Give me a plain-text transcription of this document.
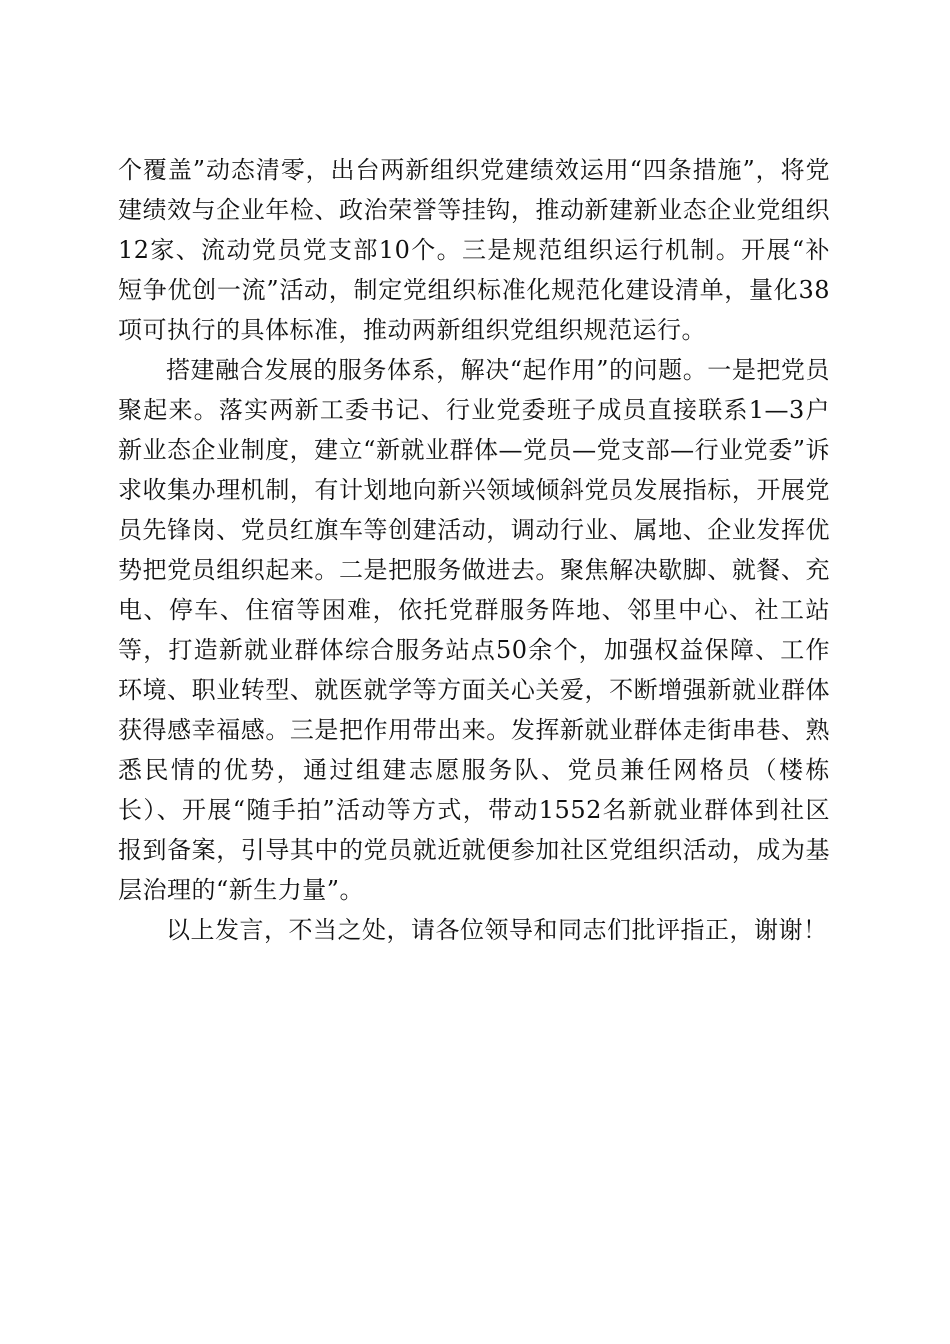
个覆盖”动态清零，出台两新组织党建绩效运用“四条措施”，将党建绩效与企业年检、政治荣誉等挂钩，推动新建新业态企业党组织12家、流动党员党支部10个。三是规范组织运行机制。开展“补短争优创一流”活动，制定党组织标准化规范化建设清单，量化38项可执行的具体标准，推动两新组织党组织规范运行。

搭建融合发展的服务体系，解决“起作用”的问题。一是把党员聚起来。落实两新工委书记、行业党委班子成员直接联系1—3户新业态企业制度，建立“新就业群体—党员—党支部—行业党委”诉求收集办理机制，有计划地向新兴领域倾斜党员发展指标，开展党员先锋岗、党员红旗车等创建活动，调动行业、属地、企业发挥优势把党员组织起来。二是把服务做进去。聚焦解决歇脚、就餐、充电、停车、住宿等困难，依托党群服务阵地、邻里中心、社工站等，打造新就业群体综合服务站点50余个，加强权益保障、工作环境、职业转型、就医就学等方面关心关爱，不断增强新就业群体获得感幸福感。三是把作用带出来。发挥新就业群体走街串巷、熟悉民情的优势，通过组建志愿服务队、党员兼任网格员（楼栋长）、开展“随手拍”活动等方式，带动1552名新就业群体到社区报到备案，引导其中的党员就近就便参加社区党组织活动，成为基层治理的“新生力量”。

以上发言，不当之处，请各位领导和同志们批评指正，谢谢！
